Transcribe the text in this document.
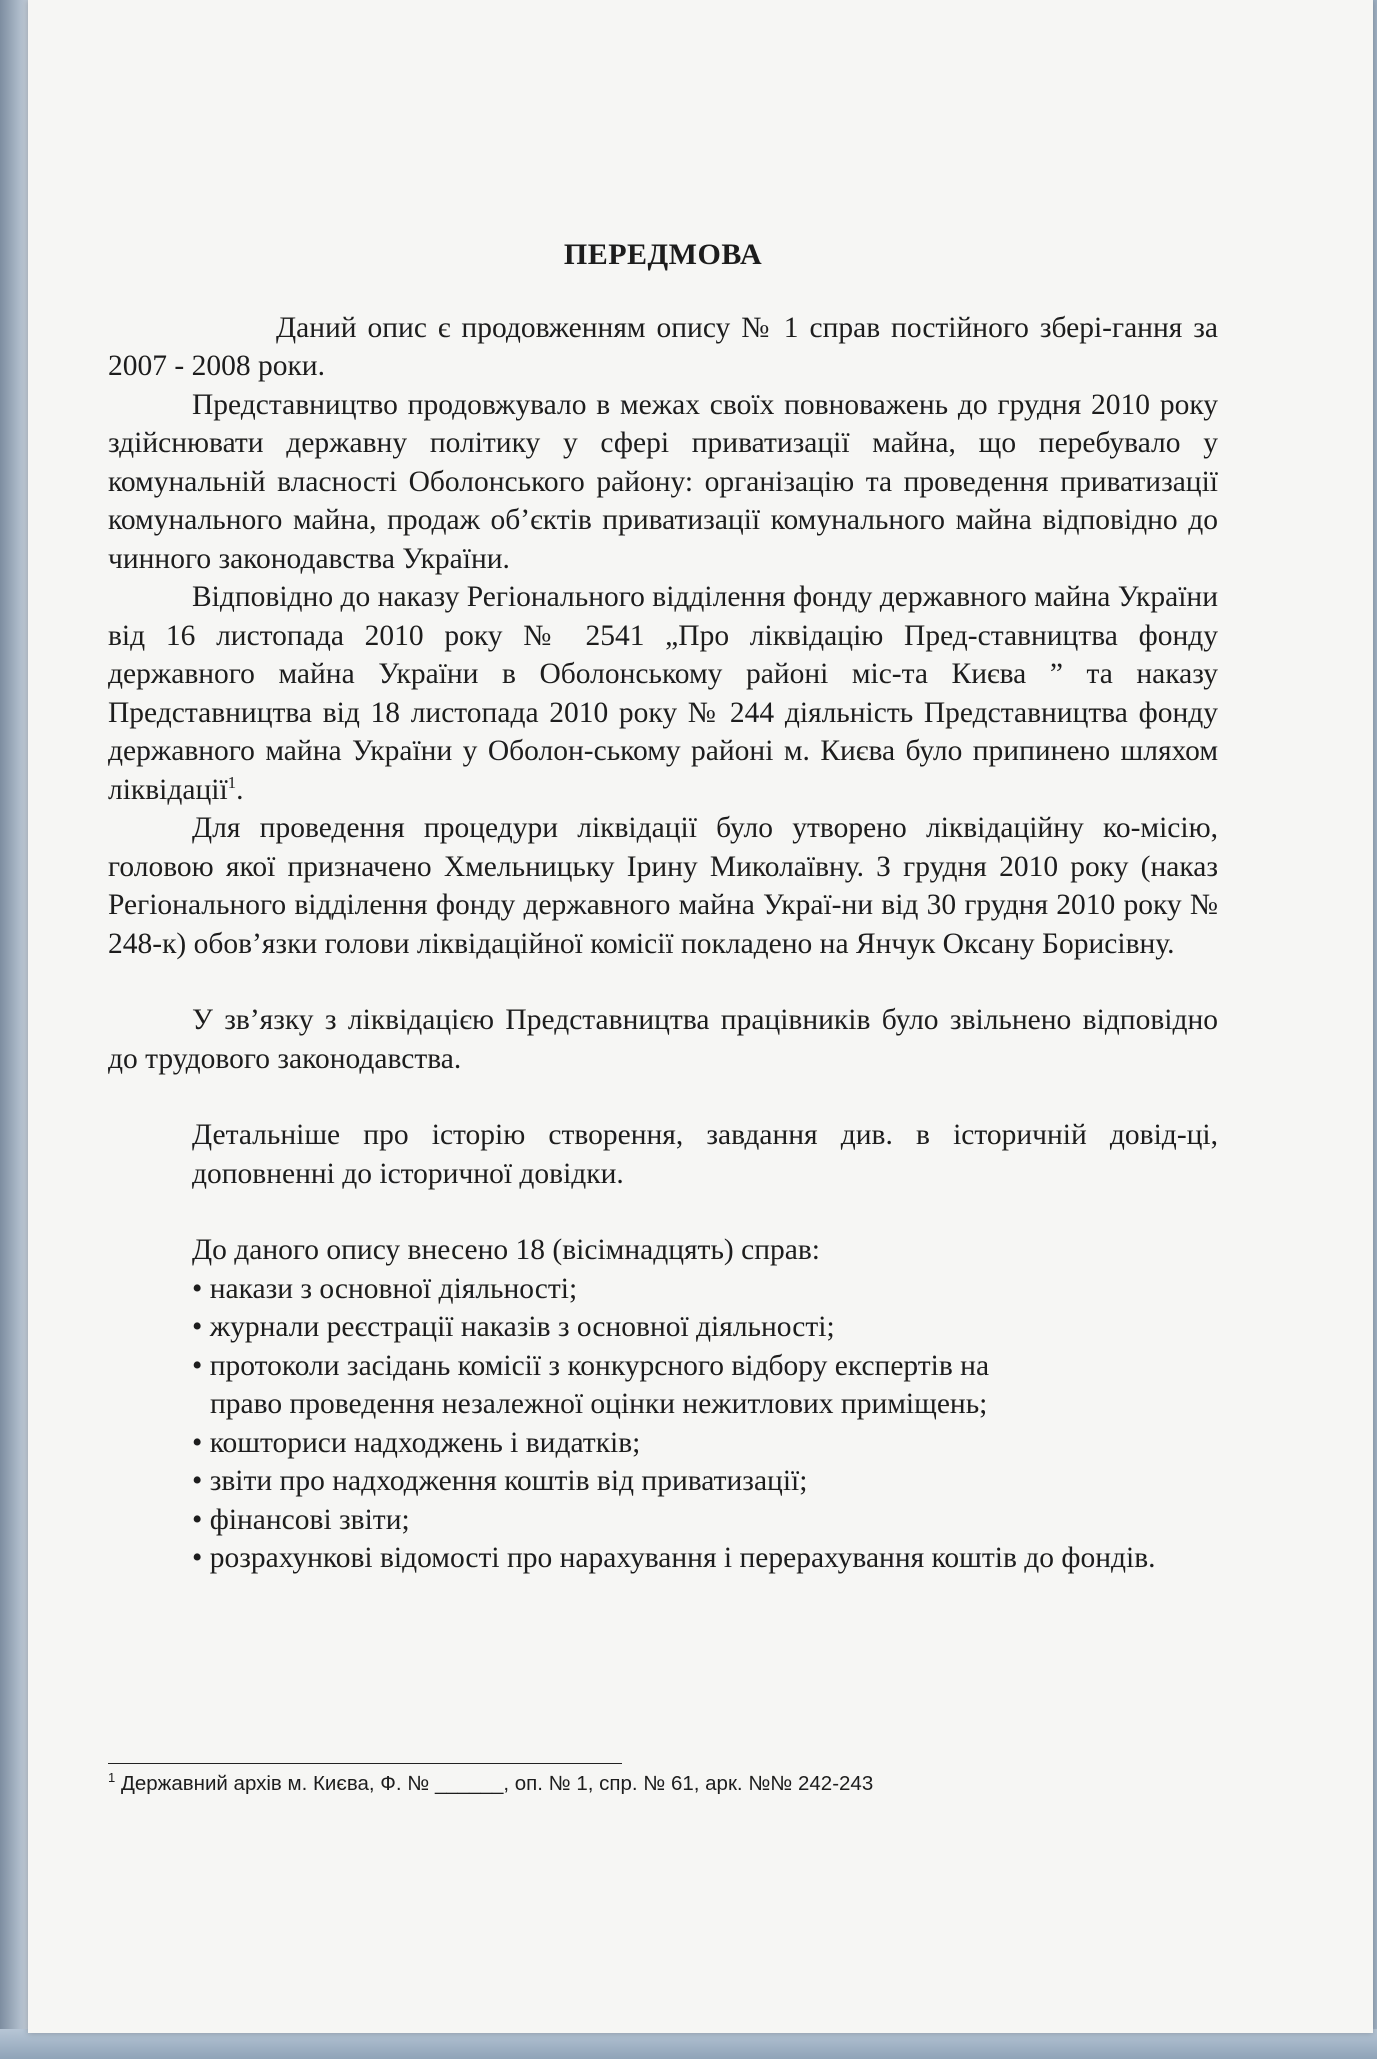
ПЕРЕДМОВА

Даний опис є продовженням опису № 1 справ постійного збері-гання за 2007 - 2008 роки.

Представництво продовжувало в межах своїх повноважень до грудня 2010 року здійснювати державну політику у сфері приватизації майна, що перебувало у комунальній власності Оболонського району: організацію та проведення приватизації комунального майна, продаж об’єктів приватизації комунального майна відповідно до чинного законодавства України.

Відповідно до наказу Регіонального відділення фонду державного майна України від 16 листопада 2010 року № 2541 „Про ліквідацію Пред-ставництва фонду державного майна України в Оболонському районі міс-та Києва ” та наказу Представництва від 18 листопада 2010 року № 244 діяльність Представництва фонду державного майна України у Оболон-ському районі м. Києва було припинено шляхом ліквідації$^1$.

Для проведення процедури ліквідації було утворено ліквідаційну ко-місію, головою якої призначено Хмельницьку Ірину Миколаївну. З грудня 2010 року (наказ Регіонального відділення фонду державного майна Украї-ни від 30 грудня 2010 року № 248-к) обов’язки голови ліквідаційної комісії покладено на Янчук Оксану Борисівну.

У зв’язку з ліквідацією Представництва працівників було звільнено відповідно до трудового законодавства.

Детальніше про історію створення, завдання див. в історичній довід-ці, доповненні до історичної довідки.

До даного опису внесено 18 (вісімнадцять) справ:
• накази з основної діяльності;
• журнали реєстрації наказів з основної діяльності;
• протоколи засідань комісії з конкурсного відбору експертів на
право проведення незалежної оцінки нежитлових приміщень;
• кошториси надходжень і видатків;
• звіти про надходження коштів від приватизації;
• фінансові звіти;
• розрахункові відомості про нарахування і перерахування коштів до фондів.
$^1$ Державний архів м. Києва, Ф. № ______, оп. № 1, спр. № 61, арк. №№ 242-243
